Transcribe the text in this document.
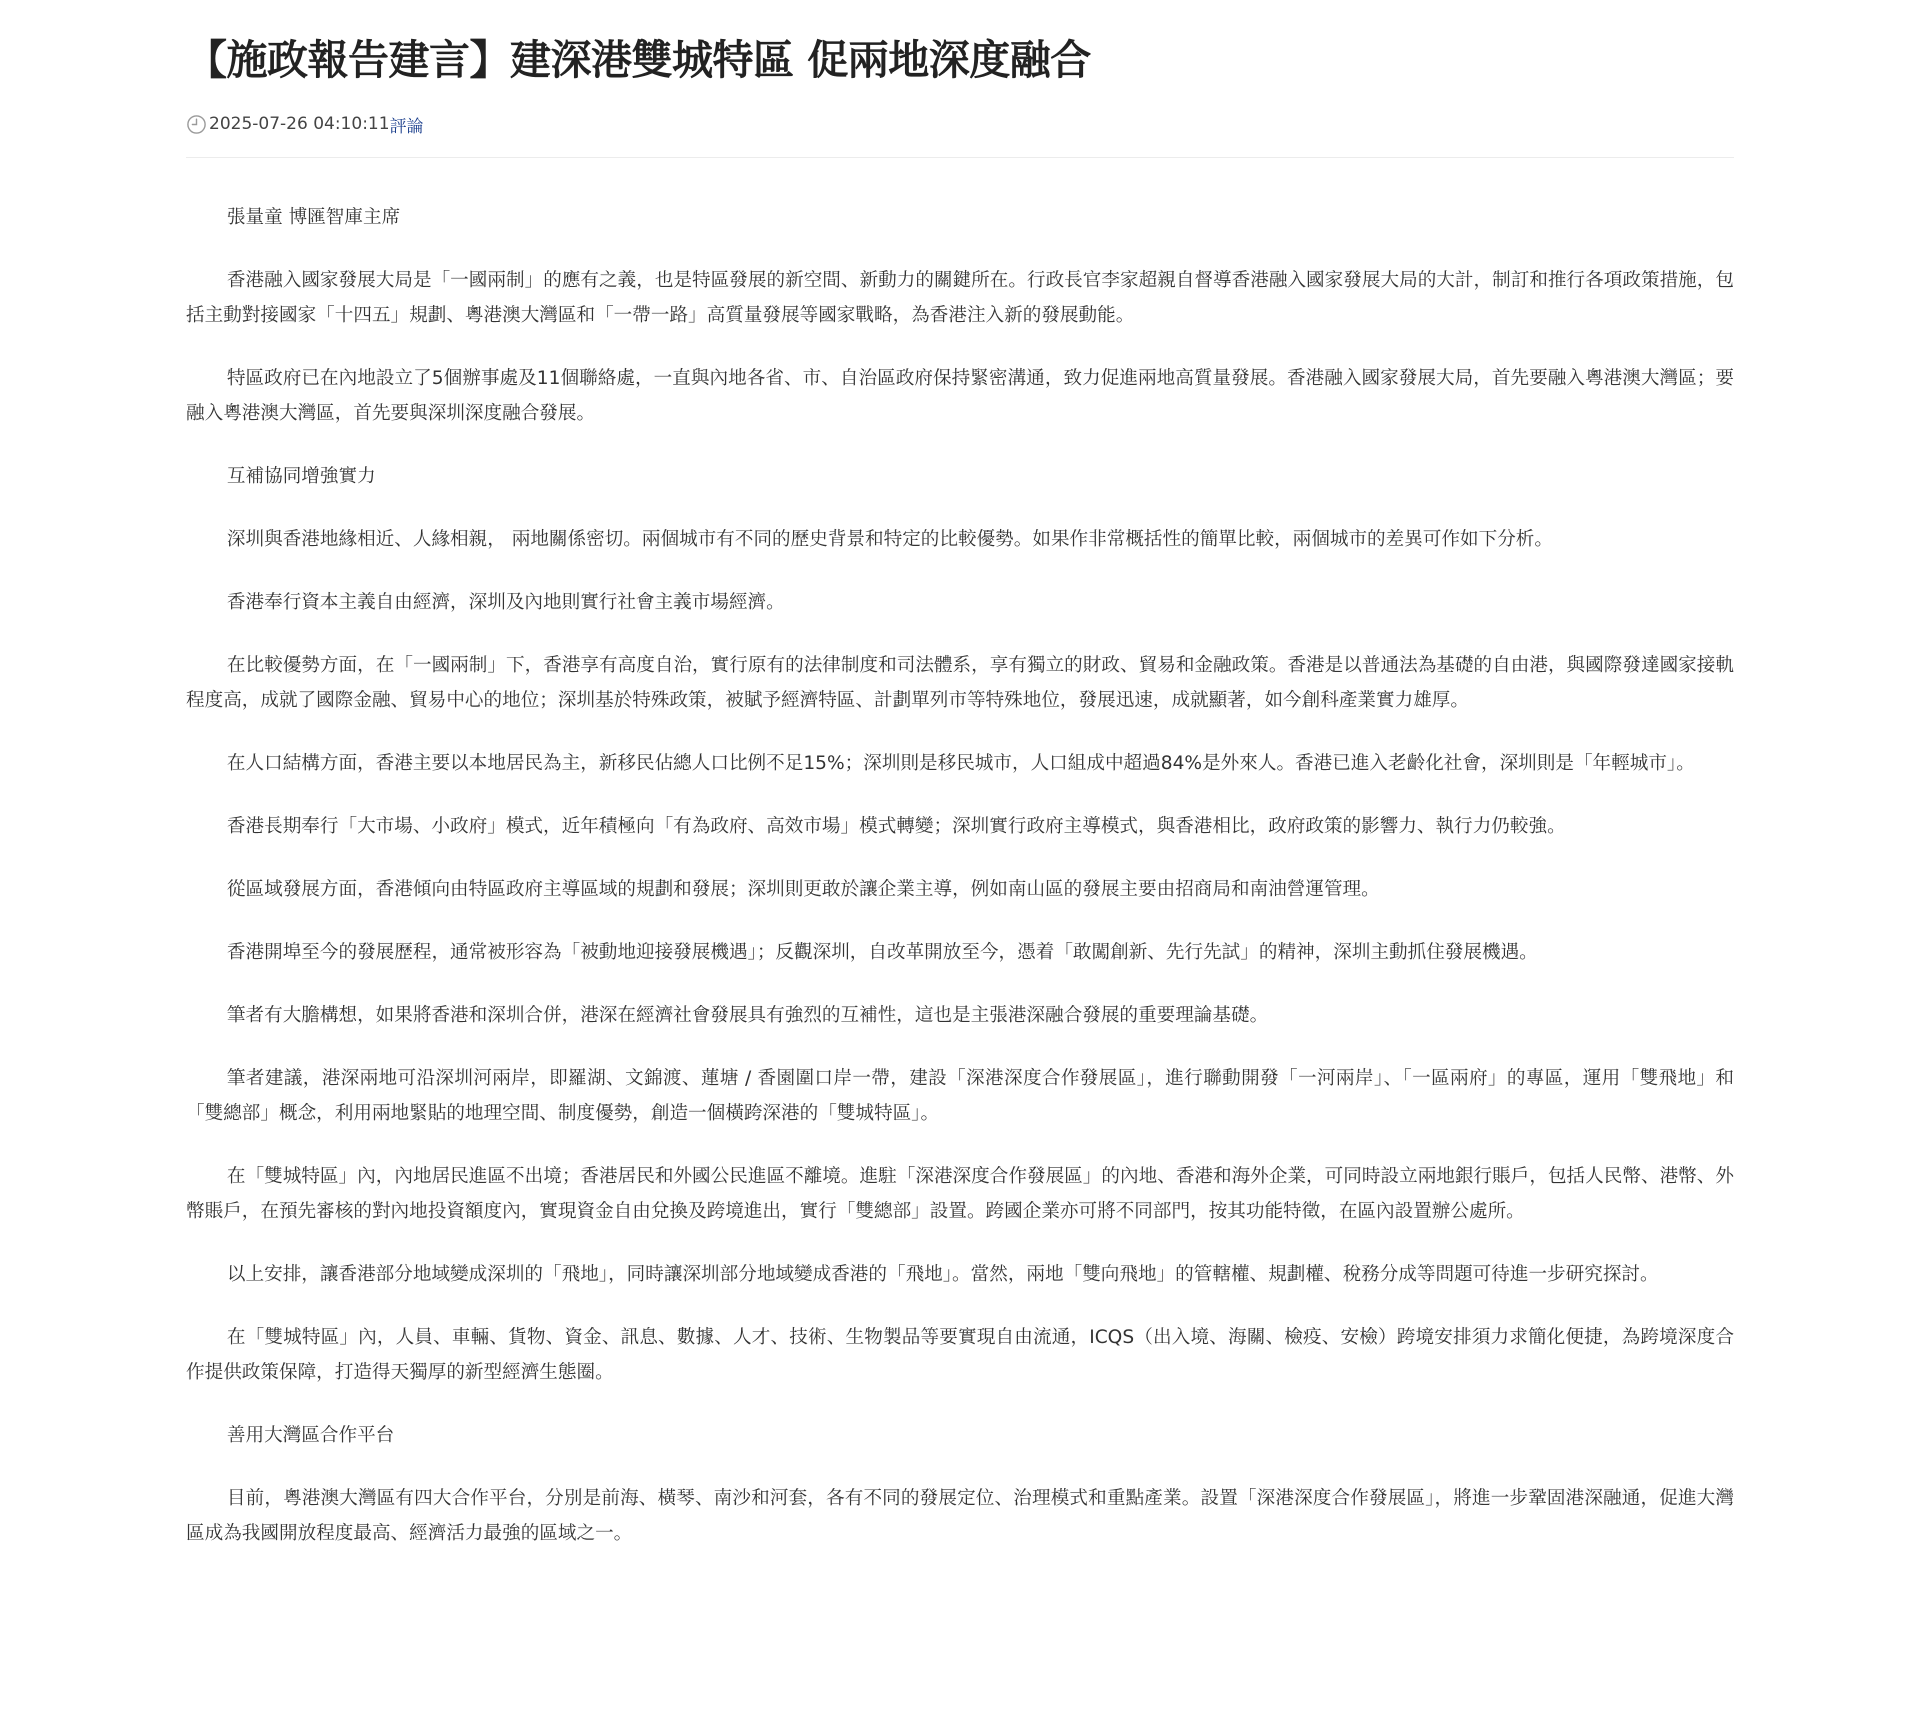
【施政報告建言】建深港雙城特區 促兩地深度融合
2025-07-26 04:10:11 評論

張量童 博匯智庫主席

香港融入國家發展大局是「一國兩制」的應有之義，也是特區發展的新空間、新動力的關鍵所在。行政長官李家超親自督導香港融入國家發展大局的大計，制訂和推行各項政策措施，包括主動對接國家「十四五」規劃、粵港澳大灣區和「一帶一路」高質量發展等國家戰略，為香港注入新的發展動能。

特區政府已在內地設立了5個辦事處及11個聯絡處，一直與內地各省、市、自治區政府保持緊密溝通，致力促進兩地高質量發展。香港融入國家發展大局，首先要融入粵港澳大灣區；要融入粵港澳大灣區，首先要與深圳深度融合發展。

互補協同增強實力

深圳與香港地緣相近、人緣相親， 兩地關係密切。兩個城市有不同的歷史背景和特定的比較優勢。如果作非常概括性的簡單比較，兩個城市的差異可作如下分析。

香港奉行資本主義自由經濟，深圳及內地則實行社會主義市場經濟。

在比較優勢方面，在「一國兩制」下，香港享有高度自治，實行原有的法律制度和司法體系，享有獨立的財政、貿易和金融政策。香港是以普通法為基礎的自由港，與國際發達國家接軌程度高，成就了國際金融、貿易中心的地位；深圳基於特殊政策，被賦予經濟特區、計劃單列市等特殊地位，發展迅速，成就顯著，如今創科產業實力雄厚。

在人口結構方面，香港主要以本地居民為主，新移民佔總人口比例不足15%；深圳則是移民城市，人口組成中超過84%是外來人。香港已進入老齡化社會，深圳則是「年輕城市」。

香港長期奉行「大市場、小政府」模式，近年積極向「有為政府、高效市場」模式轉變；深圳實行政府主導模式，與香港相比，政府政策的影響力、執行力仍較強。

從區域發展方面，香港傾向由特區政府主導區域的規劃和發展；深圳則更敢於讓企業主導，例如南山區的發展主要由招商局和南油營運管理。

香港開埠至今的發展歷程，通常被形容為「被動地迎接發展機遇」；反觀深圳，自改革開放至今，憑着「敢闖創新、先行先試」的精神，深圳主動抓住發展機遇。

筆者有大膽構想，如果將香港和深圳合併，港深在經濟社會發展具有強烈的互補性，這也是主張港深融合發展的重要理論基礎。

筆者建議，港深兩地可沿深圳河兩岸，即羅湖、文錦渡、蓮塘 / 香園圍口岸一帶，建設「深港深度合作發展區」，進行聯動開發「一河兩岸」、「一區兩府」的專區，運用「雙飛地」和「雙總部」概念，利用兩地緊貼的地理空間、制度優勢，創造一個橫跨深港的「雙城特區」。

在「雙城特區」內，內地居民進區不出境；香港居民和外國公民進區不離境。進駐「深港深度合作發展區」的內地、香港和海外企業，可同時設立兩地銀行賬戶，包括人民幣、港幣、外幣賬戶，在預先審核的對內地投資額度內，實現資金自由兌換及跨境進出，實行「雙總部」設置。跨國企業亦可將不同部門，按其功能特徵，在區內設置辦公處所。

以上安排，讓香港部分地域變成深圳的「飛地」，同時讓深圳部分地域變成香港的「飛地」。當然，兩地「雙向飛地」的管轄權、規劃權、稅務分成等問題可待進一步研究探討。

在「雙城特區」內，人員、車輛、貨物、資金、訊息、數據、人才、技術、生物製品等要實現自由流通，ICQS（出入境、海關、檢疫、安檢）跨境安排須力求簡化便捷，為跨境深度合作提供政策保障，打造得天獨厚的新型經濟生態圈。

善用大灣區合作平台

目前，粵港澳大灣區有四大合作平台，分別是前海、橫琴、南沙和河套，各有不同的發展定位、治理模式和重點產業。設置「深港深度合作發展區」，將進一步鞏固港深融通，促進大灣區成為我國開放程度最高、經濟活力最強的區域之一。
